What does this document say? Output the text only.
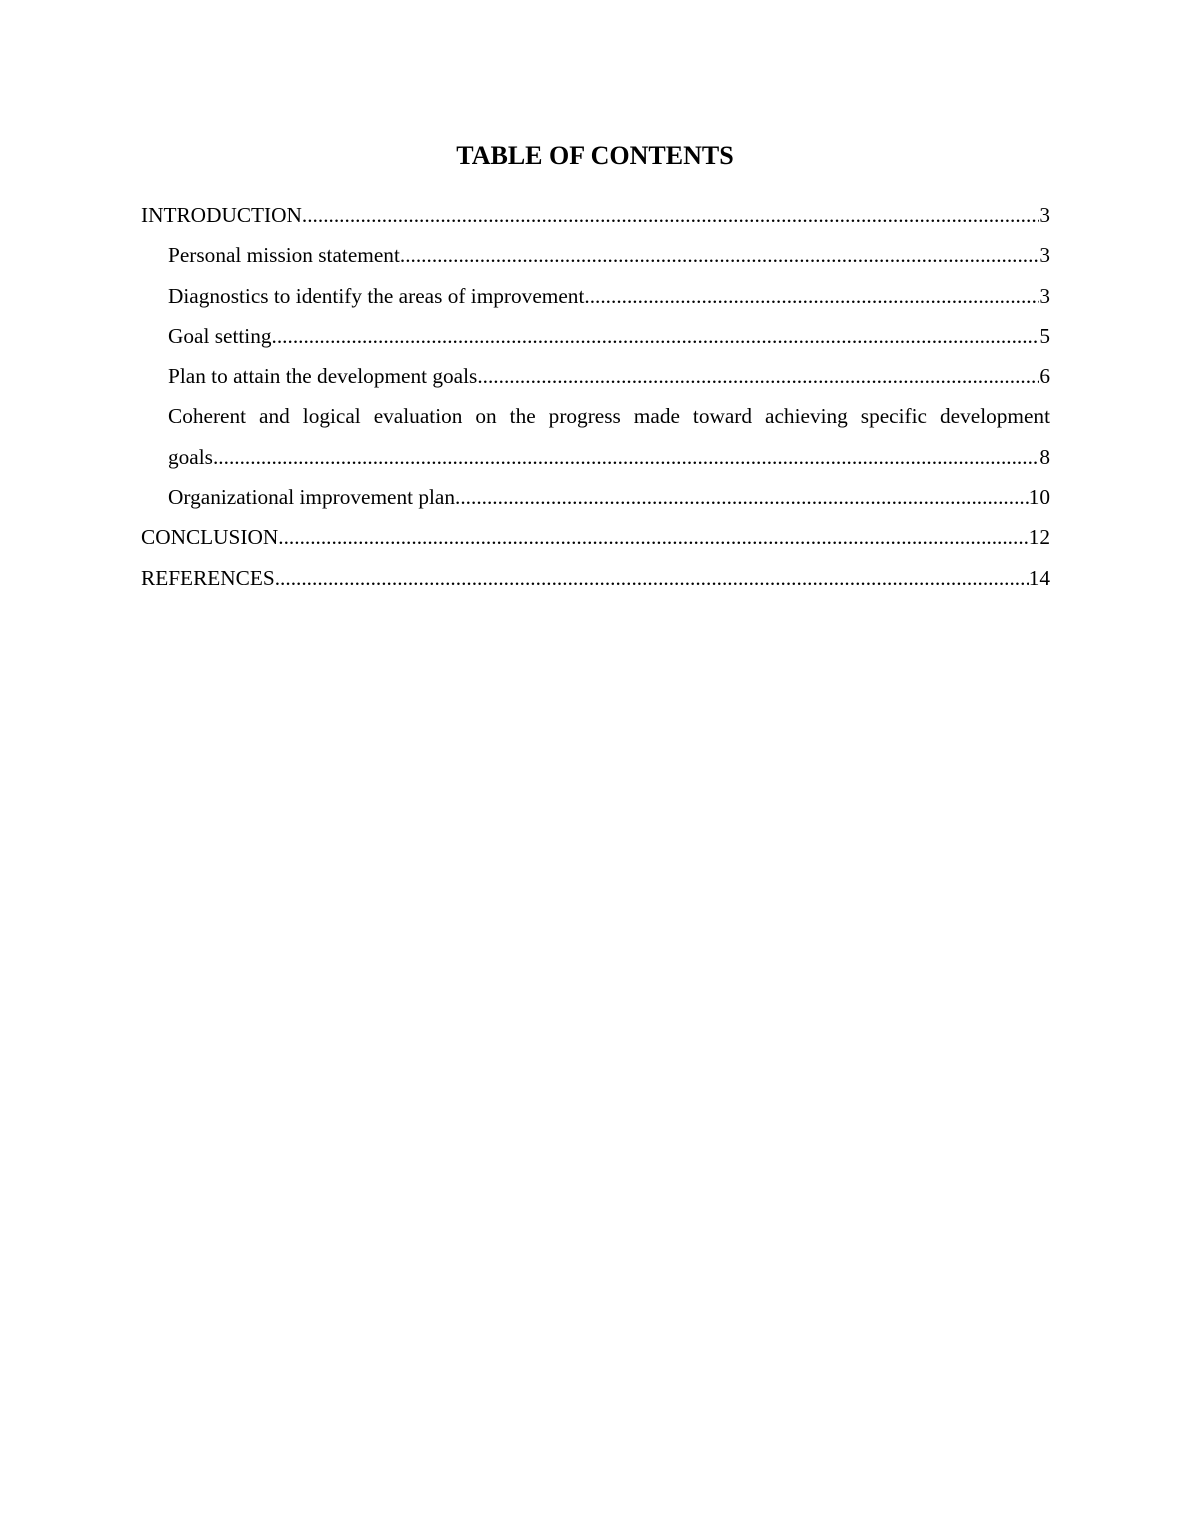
TABLE OF CONTENTS
INTRODUCTION .....	3
Personal mission statement .....	3
Diagnostics to identify the areas of improvement .....	3
Goal setting .....	5
Plan to attain the development goals .....	6
Coherent and logical evaluation on the progress made toward achieving specific development
goals .....	8
Organizational improvement plan .....	10
CONCLUSION .....	12
REFERENCES .....	14
